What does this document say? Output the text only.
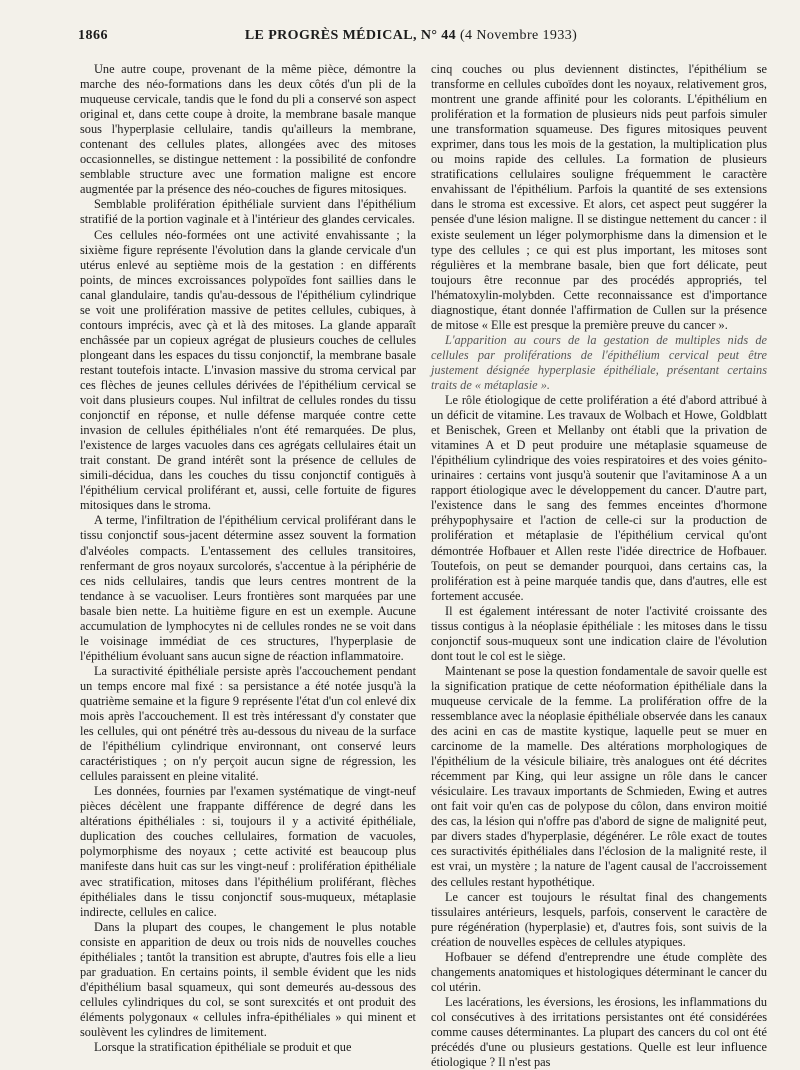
1866	LE PROGRÈS MÉDICAL, N° 44 (4 Novembre 1933)

Une autre coupe, provenant de la même pièce, démontre la marche des néo-formations dans les deux côtés d'un pli de la muqueuse cervicale, tandis que le fond du pli a conservé son aspect original et, dans cette coupe à droite, la membrane basale manque sous l'hyperplasie cellulaire, tandis qu'ailleurs la membrane, contenant des cellules plates, allongées avec des mitoses occasionnelles, se distingue nettement : la possibilité de confondre semblable structure avec une formation maligne est encore augmentée par la présence des néo-couches de figures mitosiques.

Semblable prolifération épithéliale survient dans l'épithélium stratifié de la portion vaginale et à l'intérieur des glandes cervicales.

Ces cellules néo-formées ont une activité envahissante ; la sixième figure représente l'évolution dans la glande cervicale d'un utérus enlevé au septième mois de la gestation : en différents points, de minces excroissances polypoïdes font saillies dans le canal glandulaire, tandis qu'au-dessous de l'épithélium cylindrique se voit une prolifération massive de petites cellules, cubiques, à contours imprécis, avec çà et là des mitoses. La glande apparaît enchâssée par un copieux agrégat de plusieurs couches de cellules plongeant dans les espaces du tissu conjonctif, la membrane basale restant toutefois intacte. L'invasion massive du stroma cervical par ces flèches de jeunes cellules dérivées de l'épithélium cervical se voit dans plusieurs coupes. Nul infiltrat de cellules rondes du tissu conjonctif en réponse, et nulle défense marquée contre cette invasion de cellules épithéliales n'ont été remarquées. De plus, l'existence de larges vacuoles dans ces agrégats cellulaires était un trait constant. De grand intérêt sont la présence de cellules de simili-déciduа, dans les couches du tissu conjonctif contiguës à l'épithélium cervical proliférant et, aussi, celle fortuite de figures mitosiques dans le stroma.

A terme, l'infiltration de l'épithélium cervical proliférant dans le tissu conjonctif sous-jacent détermine assez souvent la formation d'alvéoles compacts. L'entassement des cellules transitoires, renfermant de gros noyaux surcolorés, s'accentue à la périphérie de ces nids cellulaires, tandis que leurs centres montrent de la tendance à se vacuoliser. Leurs frontières sont marquées par une basale bien nette. La huitième figure en est un exemple. Aucune accumulation de lymphocytes ni de cellules rondes ne se voit dans le voisinage immédiat de ces structures, l'hyperplasie de l'épithélium évoluant sans aucun signe de réaction inflammatoire.

La suractivité épithéliale persiste après l'accouchement pendant un temps encore mal fixé : sa persistance a été notée jusqu'à la quatrième semaine et la figure 9 représente l'état d'un col enlevé dix mois après l'accouchement. Il est très intéressant d'y constater que les cellules, qui ont pénétré très au-dessous du niveau de la surface de l'épithélium cylindrique environnant, ont conservé leurs caractéristiques ; on n'y perçoit aucun signe de régression, les cellules paraissent en pleine vitalité.

Les données, fournies par l'examen systématique de vingt-neuf pièces décèlent une frappante différence de degré dans les altérations épithéliales : si, toujours il y a activité épithéliale, duplication des couches cellulaires, formation de vacuoles, polymorphisme des noyaux ; cette activité est beaucoup plus manifeste dans huit cas sur les vingt-neuf : prolifération épithéliale avec stratification, mitoses dans l'épithélium proliférant, flèches épithéliales dans le tissu conjonctif sous-muqueux, métaplasie indirecte, cellules en calice.

Dans la plupart des coupes, le changement le plus notable consiste en apparition de deux ou trois nids de nouvelles couches épithéliales ; tantôt la transition est abrupte, d'autres fois elle a lieu par graduation. En certains points, il semble évident que les nids d'épithélium basal squameux, qui sont demeurés au-dessous des cellules cylindriques du col, se sont surexcités et ont produit des éléments polygonaux « cellules infra-épithéliales » qui minent et soulèvent les cylindres de limitement.

Lorsque la stratification épithéliale se produit et que

cinq couches ou plus deviennent distinctes, l'épithélium se transforme en cellules cuboïdes dont les noyaux, relativement gros, montrent une grande affinité pour les colorants. L'épithélium en prolifération et la formation de plusieurs nids peut parfois simuler une transformation squameuse. Des figures mitosiques peuvent exprimer, dans tous les mois de la gestation, la multiplication plus ou moins rapide des cellules. La formation de plusieurs stratifications cellulaires souligne fréquemment le caractère envahissant de l'épithélium. Parfois la quantité de ses extensions dans le stroma est excessive. Et alors, cet aspect peut suggérer la pensée d'une lésion maligne. Il se distingue nettement du cancer : il existe seulement un léger polymorphisme dans la dimension et le type des cellules ; ce qui est plus important, les mitoses sont régulières et la membrane basale, bien que fort délicate, peut toujours être reconnue par des procédés appropriés, tel l'hématoxylin-molybden. Cette reconnaissance est d'importance diagnostique, étant donnée l'affirmation de Cullen sur la présence de mitose « Elle est presque la première preuve du cancer ».

L'apparition au cours de la gestation de multiples nids de cellules par proliférations de l'épithélium cervical peut être justement désignée hyperplasie épithéliale, présentant certains traits de « métaplasie ».

Le rôle étiologique de cette prolifération a été d'abord attribué à un déficit de vitamine. Les travaux de Wolbach et Howe, Goldblatt et Benischek, Green et Mellanby ont établi que la privation de vitamines A et D peut produire une métaplasie squameuse de l'épithélium cylindrique des voies respiratoires et des voies génito-urinaires : certains vont jusqu'à soutenir que l'avitaminose A a un rapport étiologique avec le développement du cancer. D'autre part, l'existence dans le sang des femmes enceintes d'hormone préhypophysaire et l'action de celle-ci sur la production de prolifération et métaplasie de l'épithélium cervical qu'ont démontrée Hofbauer et Allen reste l'idée directrice de Hofbauer. Toutefois, on peut se demander pourquoi, dans certains cas, la prolifération est à peine marquée tandis que, dans d'autres, elle est fortement accusée.

Il est également intéressant de noter l'activité croissante des tissus contigus à la néoplasie épithéliale : les mitoses dans le tissu conjonctif sous-muqueux sont une indication claire de l'évolution dont tout le col est le siège.

Maintenant se pose la question fondamentale de savoir quelle est la signification pratique de cette néoformation épithéliale dans la muqueuse cervicale de la femme. La prolifération offre de la ressemblance avec la néoplasie épithéliale observée dans les canaux des acini en cas de mastite kystique, laquelle peut se muer en carcinome de la mamelle. Des altérations morphologiques de l'épithélium de la vésicule biliaire, très analogues ont été décrites récemment par King, qui leur assigne un rôle dans le cancer vésiculaire. Les travaux importants de Schmieden, Ewing et autres ont fait voir qu'en cas de polypose du côlon, dans environ moitié des cas, la lésion qui n'offre pas d'abord de signe de malignité peut, par divers stades d'hyperplasie, dégénérer. Le rôle exact de toutes ces suractivités épithéliales dans l'éclosion de la malignité reste, il est vrai, un mystère ; la nature de l'agent causal de l'accroissement des cellules restant hypothétique.

Le cancer est toujours le résultat final des changements tissulaires antérieurs, lesquels, parfois, conservent le caractère de pure régénération (hyperplasie) et, d'autres fois, sont suivis de la création de nouvelles espèces de cellules atypiques.

Hofbauer se défend d'entreprendre une étude complète des changements anatomiques et histologiques déterminant le cancer du col utérin.

Les lacérations, les éversions, les érosions, les inflammations du col consécutives à des irritations persistantes ont été considérées comme causes déterminantes. La plupart des cancers du col ont été précédés d'une ou plusieurs gestations. Quelle est leur influence étiologique ? Il n'est pas
